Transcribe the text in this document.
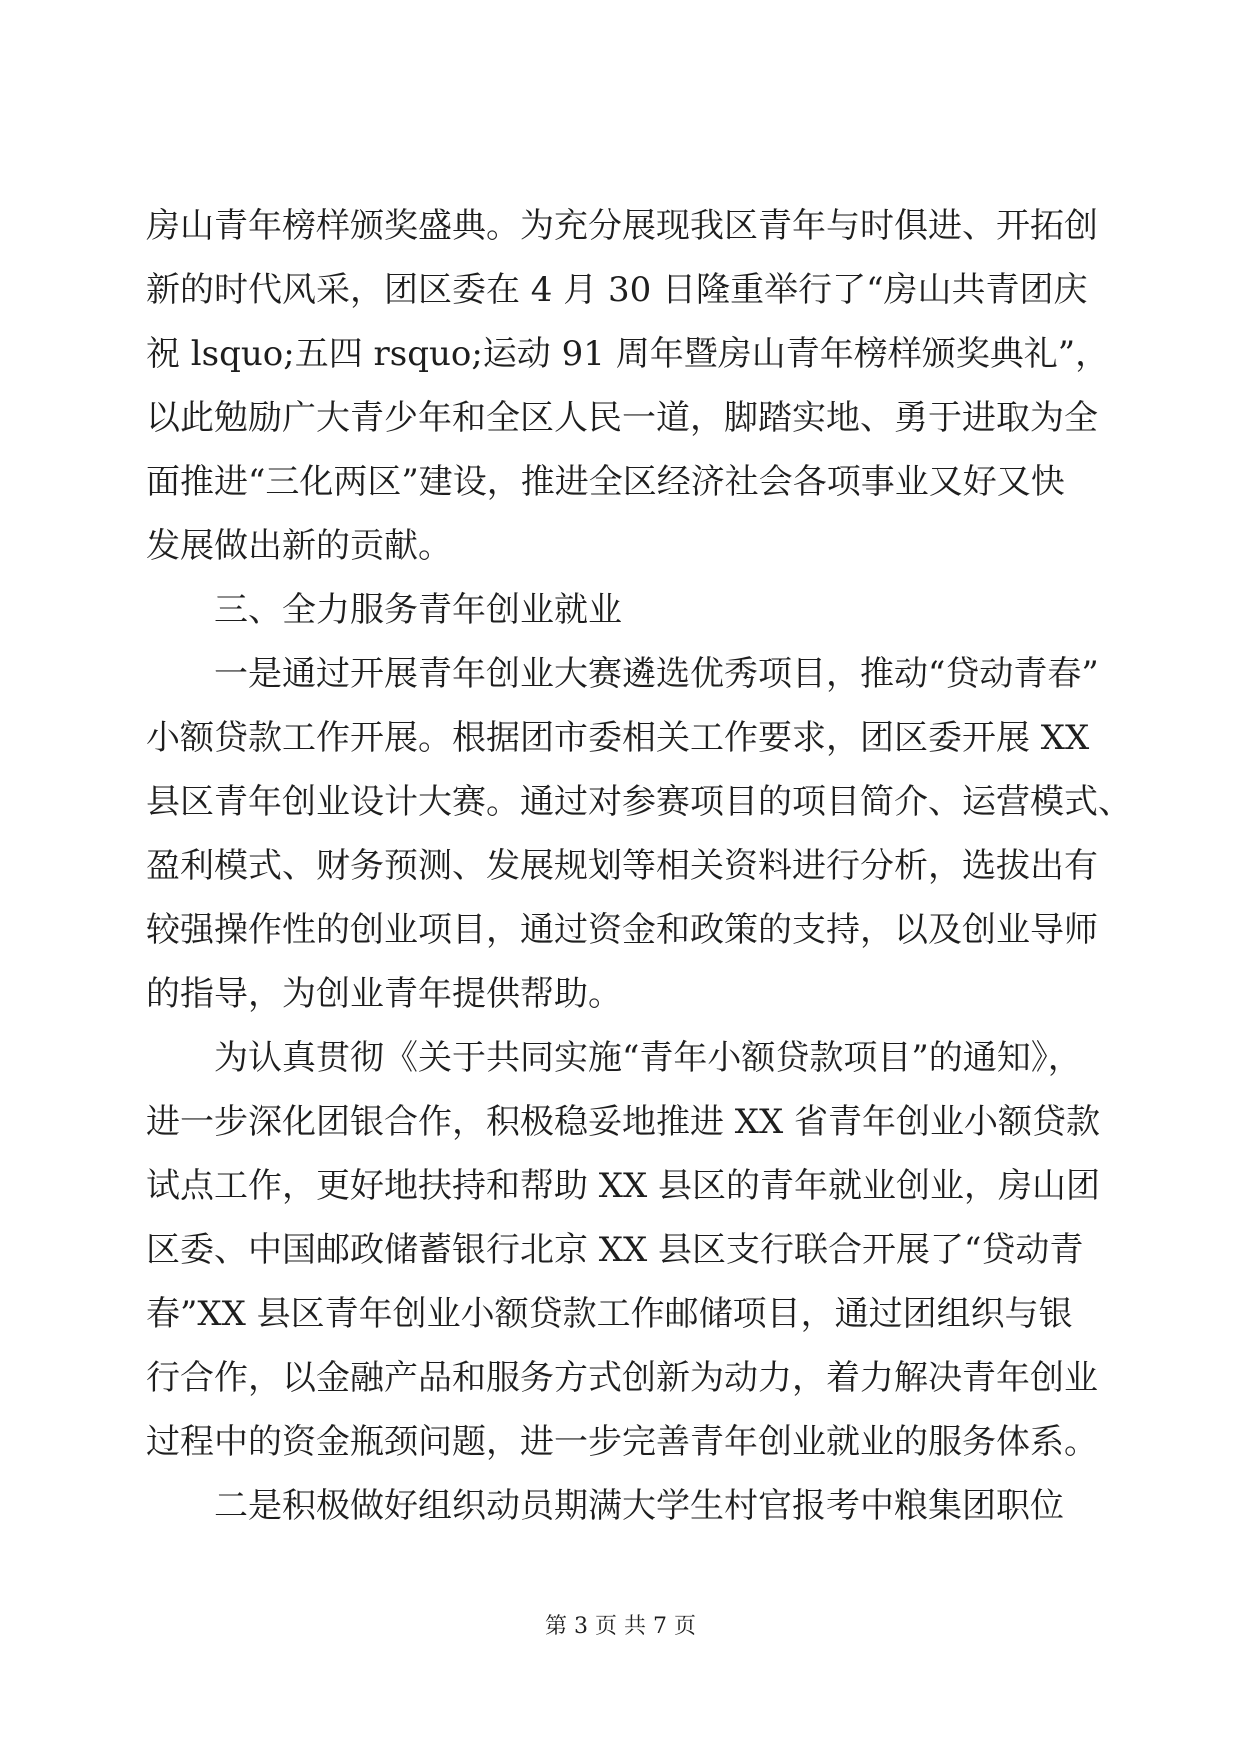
房山青年榜样颁奖盛典。为充分展现我区青年与时俱进、开拓创
新的时代风采，团区委在 4 月 30 日隆重举行了“房山共青团庆
祝 lsquo;五四 rsquo;运动 91 周年暨房山青年榜样颁奖典礼”，
以此勉励广大青少年和全区人民一道，脚踏实地、勇于进取为全
面推进“三化两区”建设，推进全区经济社会各项事业又好又快
发展做出新的贡献。
三、全力服务青年创业就业
一是通过开展青年创业大赛遴选优秀项目，推动“贷动青春”
小额贷款工作开展。根据团市委相关工作要求，团区委开展 XX
县区青年创业设计大赛。通过对参赛项目的项目简介、运营模式、
盈利模式、财务预测、发展规划等相关资料进行分析，选拔出有
较强操作性的创业项目，通过资金和政策的支持，以及创业导师
的指导，为创业青年提供帮助。
为认真贯彻《关于共同实施“青年小额贷款项目”的通知》，
进一步深化团银合作，积极稳妥地推进 XX 省青年创业小额贷款
试点工作，更好地扶持和帮助 XX 县区的青年就业创业，房山团
区委、中国邮政储蓄银行北京 XX 县区支行联合开展了“贷动青
春”XX 县区青年创业小额贷款工作邮储项目，通过团组织与银
行合作，以金融产品和服务方式创新为动力，着力解决青年创业
过程中的资金瓶颈问题，进一步完善青年创业就业的服务体系。
二是积极做好组织动员期满大学生村官报考中粮集团职位
第 3 页 共 7 页
